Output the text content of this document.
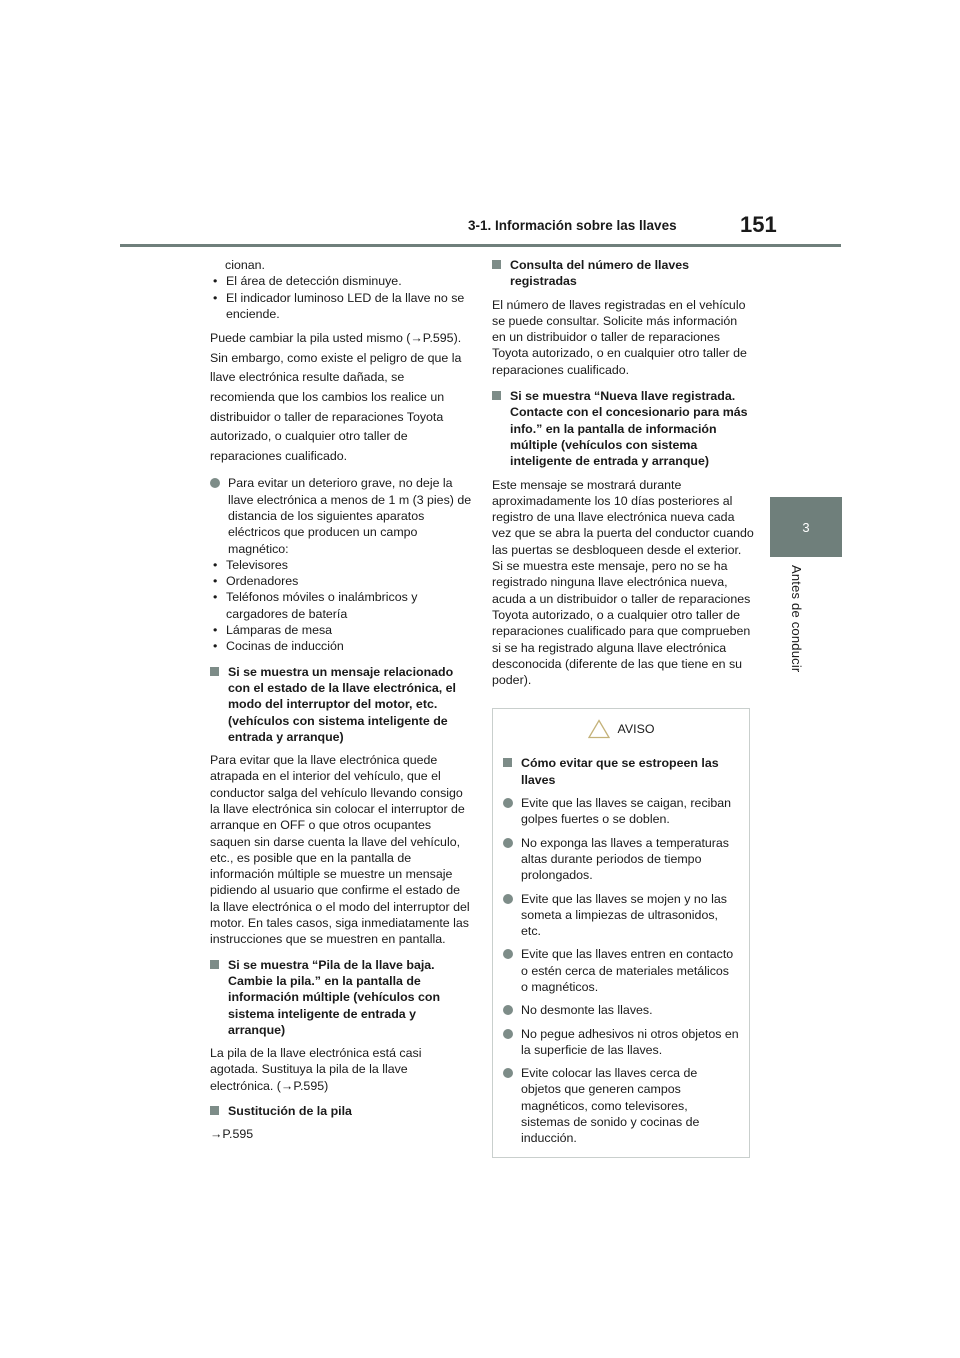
3-1. Información sobre las llaves	151
3
Antes de conducir
cionan.
• El área de detección disminuye.
• El indicador luminoso LED de la llave no se enciende.

Puede cambiar la pila usted mismo (→P.595). Sin embargo, como existe el peligro de que la llave electrónica resulte dañada, se recomienda que los cambios los realice un distribuidor o taller de reparaciones Toyota autorizado, o cualquier otro taller de reparaciones cualificado.

Para evitar un deterioro grave, no deje la llave electrónica a menos de 1 m (3 pies) de distancia de los siguientes aparatos eléctricos que producen un campo magnético:
• Televisores
• Ordenadores
• Teléfonos móviles o inalámbricos y cargadores de batería
• Lámparas de mesa
• Cocinas de inducción
Si se muestra un mensaje relacionado con el estado de la llave electrónica, el modo del interruptor del motor, etc. (vehículos con sistema inteligente de entrada y arranque)

Para evitar que la llave electrónica quede atrapada en el interior del vehículo, que el conductor salga del vehículo llevando consigo la llave electrónica sin colocar el interruptor de arranque en OFF o que otros ocupantes saquen sin darse cuenta la llave del vehículo, etc., es posible que en la pantalla de información múltiple se muestre un mensaje pidiendo al usuario que confirme el estado de la llave electrónica o el modo del interruptor del motor. En tales casos, siga inmediatamente las instrucciones que se muestren en pantalla.

Si se muestra “Pila de la llave baja. Cambie la pila.” en la pantalla de información múltiple (vehículos con sistema inteligente de entrada y arranque)

La pila de la llave electrónica está casi agotada. Sustituya la pila de la llave electrónica. (→P.595)

Sustitución de la pila

→P.595

Consulta del número de llaves registradas

El número de llaves registradas en el vehículo se puede consultar. Solicite más información en un distribuidor o taller de reparaciones Toyota autorizado, o en cualquier otro taller de reparaciones cualificado.

Si se muestra “Nueva llave registrada. Contacte con el concesionario para más info.” en la pantalla de información múltiple (vehículos con sistema inteligente de entrada y arranque)

Este mensaje se mostrará durante aproximadamente los 10 días posteriores al registro de una llave electrónica nueva cada vez que se abra la puerta del conductor cuando las puertas se desbloqueen desde el exterior.

Si se muestra este mensaje, pero no se ha registrado ninguna llave electrónica nueva, acuda a un distribuidor o taller de reparaciones Toyota autorizado, o a cualquier otro taller de reparaciones cualificado para que comprueben si se ha registrado alguna llave electrónica desconocida (diferente de las que tiene en su poder).

AVISO
Cómo evitar que se estropeen las llaves
Evite que las llaves se caigan, reciban golpes fuertes o se doblen.
No exponga las llaves a temperaturas altas durante periodos de tiempo prolongados.
Evite que las llaves se mojen y no las someta a limpiezas de ultrasonidos, etc.
Evite que las llaves entren en contacto o estén cerca de materiales metálicos o magnéticos.
No desmonte las llaves.
No pegue adhesivos ni otros objetos en la superficie de las llaves.
Evite colocar las llaves cerca de objetos que generen campos magnéticos, como televisores, sistemas de sonido y cocinas de inducción.
